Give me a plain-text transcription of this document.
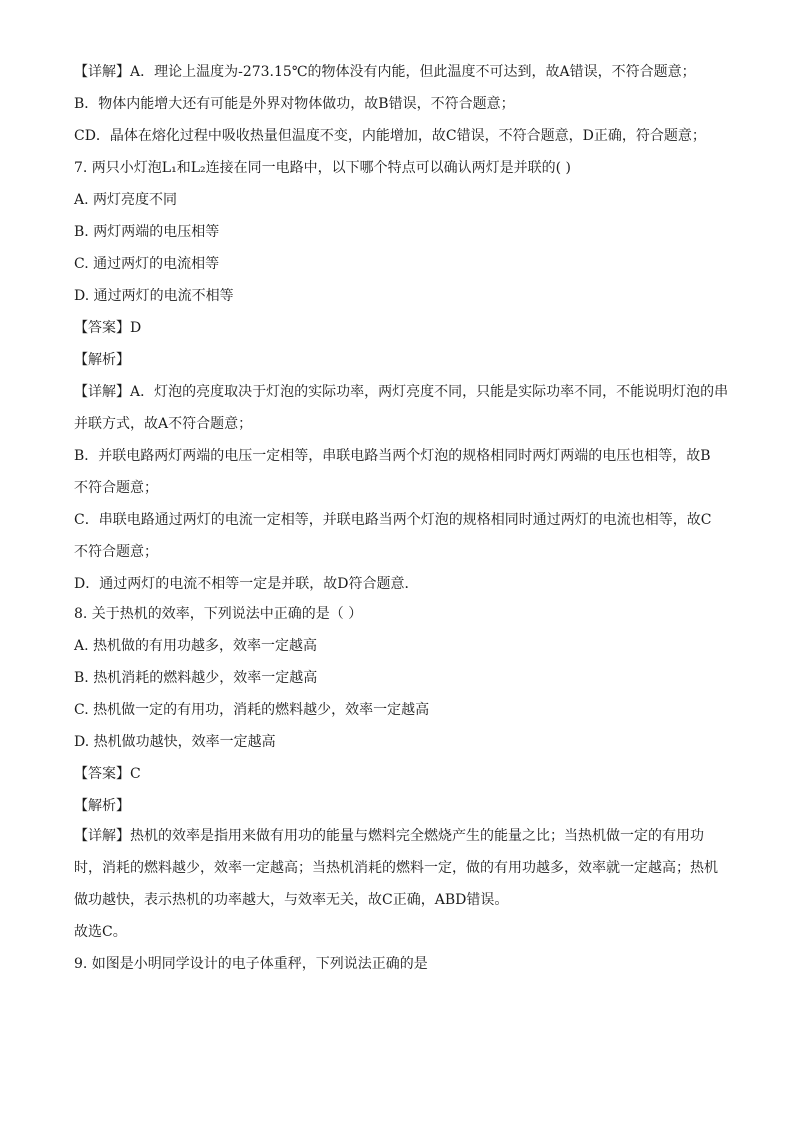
【详解】A．理论上温度为-273.15℃的物体没有内能，但此温度不可达到，故A错误，不符合题意；
B．物体内能增大还有可能是外界对物体做功，故B错误，不符合题意；
CD．晶体在熔化过程中吸收热量但温度不变，内能增加，故C错误，不符合题意，D正确，符合题意；
7. 两只小灯泡L₁和L₂连接在同一电路中，以下哪个特点可以确认两灯是并联的( )
A. 两灯亮度不同
B. 两灯两端的电压相等
C. 通过两灯的电流相等
D. 通过两灯的电流不相等
【答案】D
【解析】
【详解】A．灯泡的亮度取决于灯泡的实际功率，两灯亮度不同，只能是实际功率不同，不能说明灯泡的串
并联方式，故A不符合题意；
B．并联电路两灯两端的电压一定相等，串联电路当两个灯泡的规格相同时两灯两端的电压也相等，故B
不符合题意；
C．串联电路通过两灯的电流一定相等，并联电路当两个灯泡的规格相同时通过两灯的电流也相等，故C
不符合题意；
D．通过两灯的电流不相等一定是并联，故D符合题意．
8. 关于热机的效率，下列说法中正确的是（ ）
A. 热机做的有用功越多，效率一定越高
B. 热机消耗的燃料越少，效率一定越高
C. 热机做一定的有用功，消耗的燃料越少，效率一定越高
D. 热机做功越快，效率一定越高
【答案】C
【解析】
【详解】热机的效率是指用来做有用功的能量与燃料完全燃烧产生的能量之比；当热机做一定的有用功
时，消耗的燃料越少，效率一定越高；当热机消耗的燃料一定，做的有用功越多，效率就一定越高；热机
做功越快，表示热机的功率越大，与效率无关，故C正确，ABD错误。
故选C。
9. 如图是小明同学设计的电子体重秤，下列说法正确的是
